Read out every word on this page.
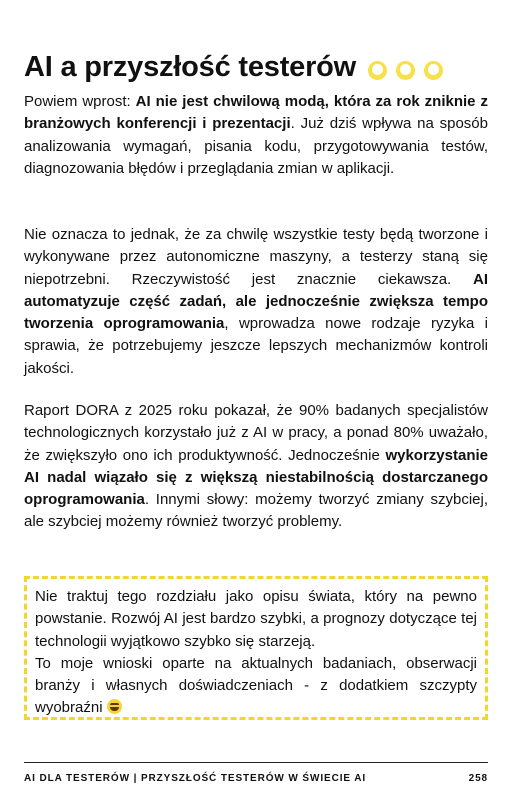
AI a przyszłość testerów
Powiem wprost: AI nie jest chwilową modą, która za rok zniknie z branżowych konferencji i prezentacji. Już dziś wpływa na sposób analizowania wymagań, pisania kodu, przygotowywania testów, diagnozowania błędów i przeglądania zmian w aplikacji.
Nie oznacza to jednak, że za chwilę wszystkie testy będą tworzone i wykonywane przez autonomiczne maszyny, a testerzy staną się niepotrzebni. Rzeczywistość jest znacznie ciekawsza. AI automatyzuje część zadań, ale jednocześnie zwiększa tempo tworzenia oprogramowania, wprowadza nowe rodzaje ryzyka i sprawia, że potrzebujemy jeszcze lepszych mechanizmów kontroli jakości.
Raport DORA z 2025 roku pokazał, że 90% badanych specjalistów technologicznych korzystało już z AI w pracy, a ponad 80% uważało, że zwiększyło ono ich produktywność. Jednocześnie wykorzystanie AI nadal wiązało się z większą niestabilnością dostarczanego oprogramowania. Innymi słowy: możemy tworzyć zmiany szybciej, ale szybciej możemy również tworzyć problemy.
Nie traktuj tego rozdziału jako opisu świata, który na pewno powstanie. Rozwój AI jest bardzo szybki, a prognozy dotyczące tej technologii wyjątkowo szybko się starzeją.
To moje wnioski oparte na aktualnych badaniach, obserwacji branży i własnych doświadczeniach - z dodatkiem szczypty wyobraźni
AI DLA TESTERÓW | PRZYSZŁOŚĆ TESTERÓW W ŚWIECIE AI	258
